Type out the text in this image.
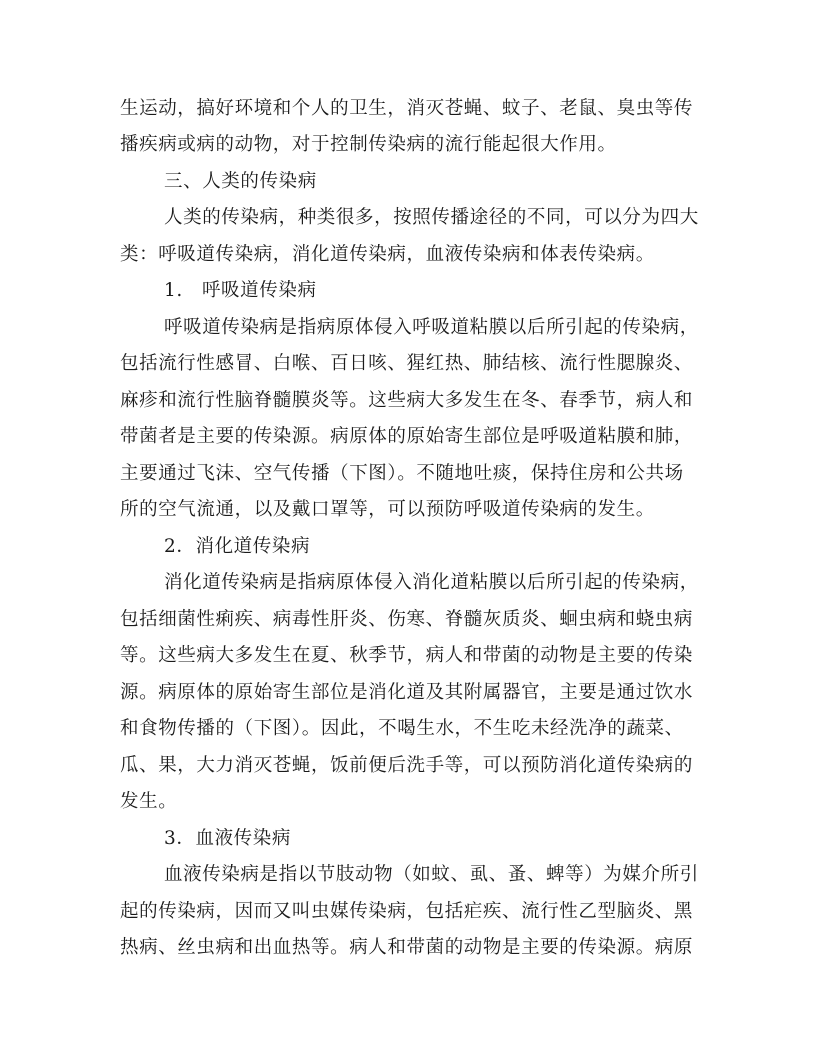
生运动，搞好环境和个人的卫生，消灭苍蝇、蚊子、老鼠、臭虫等传
播疾病或病的动物，对于控制传染病的流行能起很大作用。
三、人类的传染病
人类的传染病，种类很多，按照传播途径的不同，可以分为四大
类：呼吸道传染病，消化道传染病，血液传染病和体表传染病。
1.　呼吸道传染病
呼吸道传染病是指病原体侵入呼吸道粘膜以后所引起的传染病，
包括流行性感冒、白喉、百日咳、猩红热、肺结核、流行性腮腺炎、
麻疹和流行性脑脊髓膜炎等。这些病大多发生在冬、春季节，病人和
带菌者是主要的传染源。病原体的原始寄生部位是呼吸道粘膜和肺，
主要通过飞沫、空气传播（下图）。不随地吐痰，保持住房和公共场
所的空气流通，以及戴口罩等，可以预防呼吸道传染病的发生。
2．消化道传染病
消化道传染病是指病原体侵入消化道粘膜以后所引起的传染病，
包括细菌性痢疾、病毒性肝炎、伤寒、脊髓灰质炎、蛔虫病和蛲虫病
等。这些病大多发生在夏、秋季节，病人和带菌的动物是主要的传染
源。病原体的原始寄生部位是消化道及其附属器官，主要是通过饮水
和食物传播的（下图）。因此，不喝生水，不生吃未经洗净的蔬菜、
瓜、果，大力消灭苍蝇，饭前便后洗手等，可以预防消化道传染病的
发生。
3．血液传染病
血液传染病是指以节肢动物（如蚊、虱、蚤、蜱等）为媒介所引
起的传染病，因而又叫虫媒传染病，包括疟疾、流行性乙型脑炎、黑
热病、丝虫病和出血热等。病人和带菌的动物是主要的传染源。病原
